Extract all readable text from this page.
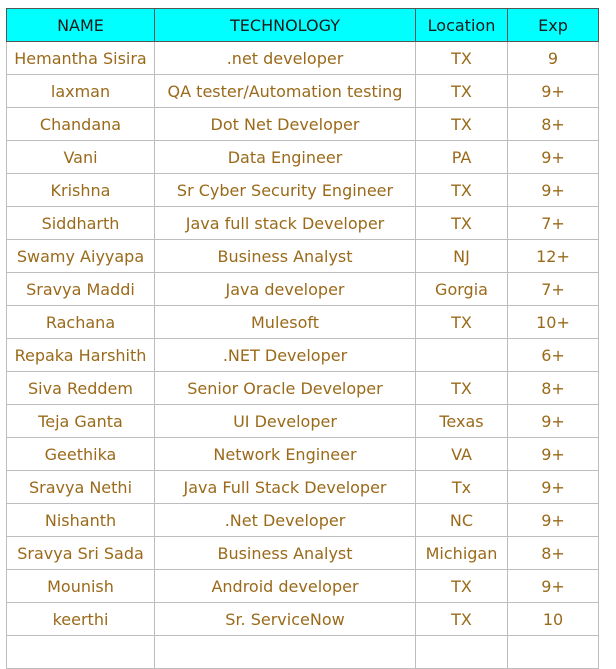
NAME	TECHNOLOGY	Location	Exp
Hemantha Sisira	.net developer	TX	9
laxman	QA tester/Automation testing	TX	9+
Chandana	Dot Net Developer	TX	8+
Vani	Data Engineer	PA	9+
Krishna	Sr Cyber Security Engineer	TX	9+
Siddharth	Java full stack Developer	TX	7+
Swamy Aiyyapa	Business Analyst	NJ	12+
Sravya Maddi	Java developer	Gorgia	7+
Rachana	Mulesoft	TX	10+
Repaka Harshith	.NET Developer		6+
Siva Reddem	Senior Oracle Developer	TX	8+
Teja Ganta	UI Developer	Texas	9+
Geethika	Network Engineer	VA	9+
Sravya Nethi	Java Full Stack Developer	Tx	9+
Nishanth	.Net Developer	NC	9+
Sravya Sri Sada	Business Analyst	Michigan	8+
Mounish	Android developer	TX	9+
keerthi	Sr. ServiceNow	TX	10
